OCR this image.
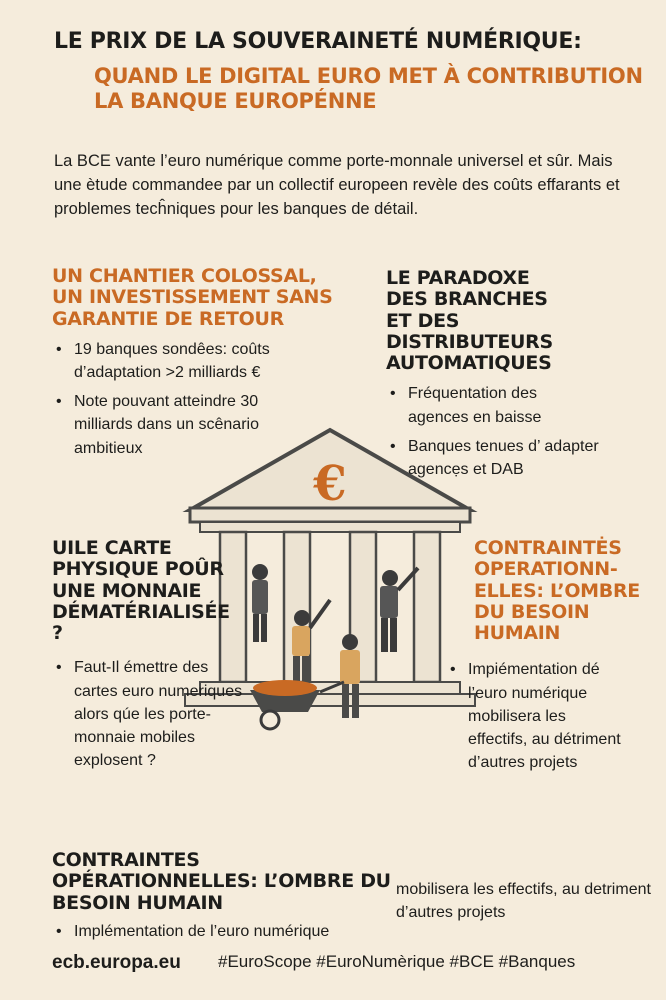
LE PRIX DE LA SOUVERAINETÉ NUMÉRIQUE:
QUAND LE DIGITAL EURO MET À CONTRIBUTION LA BANQUE EUROPÉNNE
La BCE vante l’euro numérique comme porte-monnale universel et sûr. Mais une ètude commandee par un collectif europeen revèle des coûts effarants et problemes tecĥniques pour les banques de détail.
UN CHANTIER COLOSSAL, UN INVESTISSEMENT SANS GARANTIE DE RETOUR
• 19 banques sondêes: coûts d’adaptation >2 milliards €
• Note pouvant atteindre 30 milliards dans un scênario ambitieux
LE PARADOXE DES BRANCHES ET DES DISTRIBUTEURS AUTOMATIQUES
• Fréquentation des agences en baisse
• Banques tenues d’ adapter agencẹs et DAB
€
UILE CARTE PHYSIQUE POÛR UNE MONNAIE DÉMATÉRIALISÉE ?
• Faut-Il émettre des cartes euro numeriques alors qúe les porte-monnaie mobiles explosent ?
CONTRAINTĖS OPERATIONN-ELLES: L’OMBRE DU BESOIN HUMAIN
• Impiémentation dé l’euro numérique mobilisera les effectifs, au détriment d’autres projets
CONTRAINTES OPÉRATIONNELLES: L’OMBRE DU BESOIN HUMAIN
• Implémentation de l’euro numérique
mobilisera les effectifs, au detriment d’autres projets
ecb.europa.eu #EuroScope #EuroNumèrique #BCE #Banques
